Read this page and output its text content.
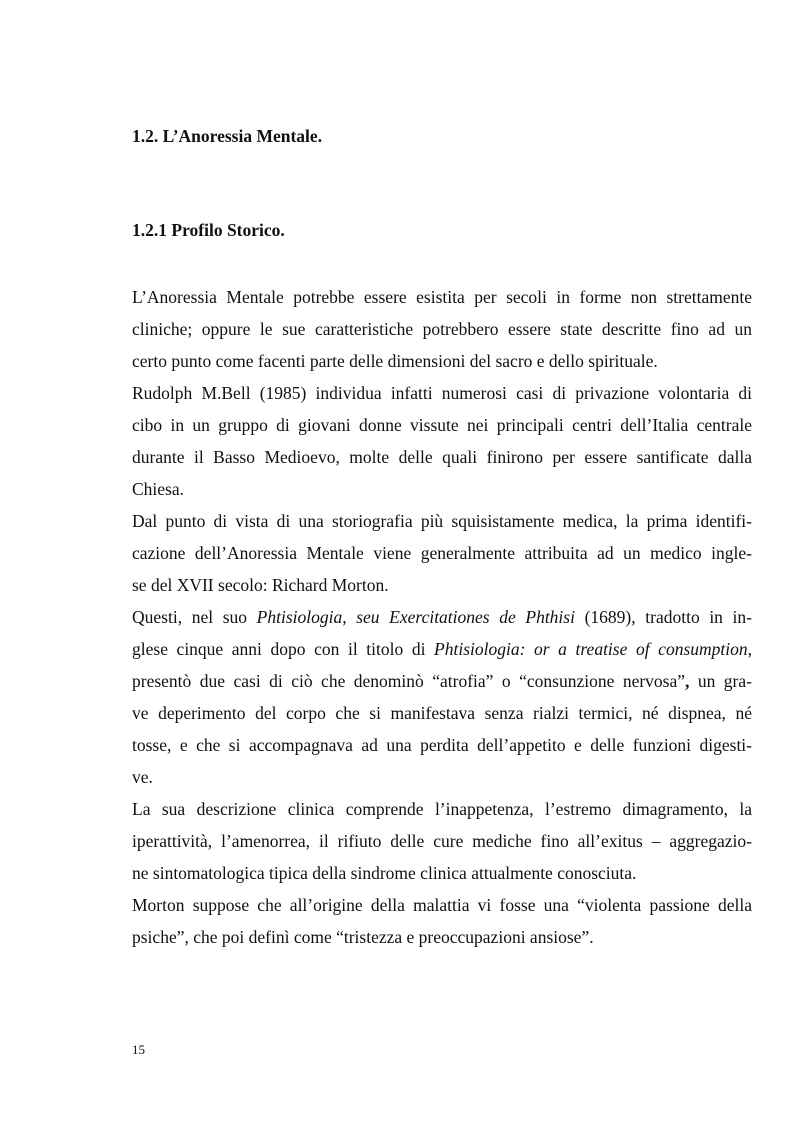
1.2. L’Anoressia Mentale.
1.2.1 Profilo Storico.
L’Anoressia Mentale potrebbe essere esistita per secoli in forme non strettamente
cliniche; oppure le sue caratteristiche potrebbero essere state descritte fino ad un
certo punto come facenti parte delle dimensioni del sacro e dello spirituale.
Rudolph M.Bell (1985) individua infatti numerosi casi di privazione volontaria di
cibo in un gruppo di giovani donne vissute nei principali centri dell’Italia centrale
durante il Basso Medioevo, molte delle quali finirono per essere santificate dalla
Chiesa.
Dal punto di vista di una storiografia più squisistamente medica, la prima identifi-
cazione dell’Anoressia Mentale viene generalmente attribuita ad un medico ingle-
se del XVII secolo: Richard Morton.
Questi, nel suo Phtisiologia, seu Exercitationes de Phthisi (1689), tradotto in in-
glese cinque anni dopo con il titolo di Phtisiologia: or a treatise of consumption,
presentò due casi di ciò che denominò “atrofia” o “consunzione nervosa”, un gra-
ve deperimento del corpo che si manifestava senza rialzi termici, né dispnea, né
tosse, e che si accompagnava ad una perdita dell’appetito e delle funzioni digesti-
ve.
La sua descrizione clinica comprende l’inappetenza, l’estremo dimagramento, la
iperattività, l’amenorrea, il rifiuto delle cure mediche fino all’exitus – aggregazio-
ne sintomatologica tipica della sindrome clinica attualmente conosciuta.
Morton suppose che all’origine della malattia vi fosse una “violenta passione della
psiche”, che poi definì come “tristezza e preoccupazioni ansiose”.
15
